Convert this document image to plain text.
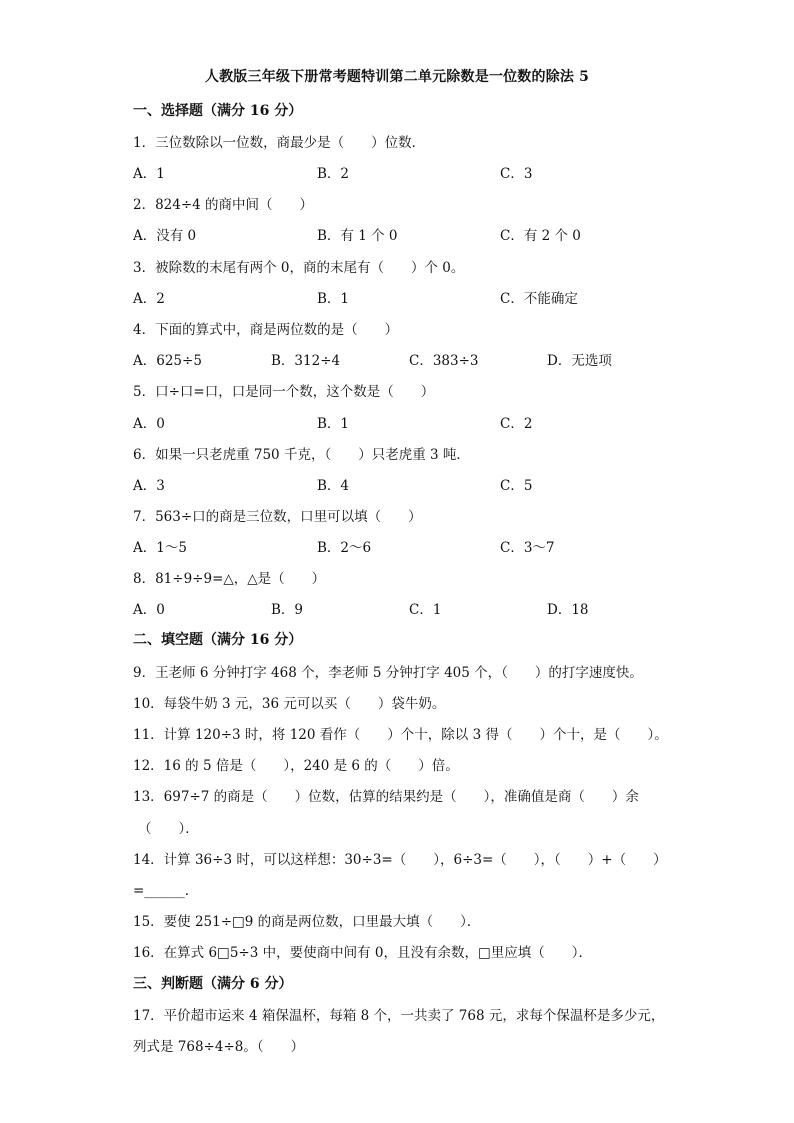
人教版三年级下册常考题特训第二单元除数是一位数的除法 5
一、选择题（满分 16 分）
1．三位数除以一位数，商最少是（　　）位数．
A．1	B．2	C．3
2．824÷4 的商中间（　　）
A．没有 0	B．有 1 个 0	C．有 2 个 0
3．被除数的末尾有两个 0，商的末尾有（　　）个 0。
A．2	B．1	C．不能确定
4．下面的算式中，商是两位数的是（　　）
A．625÷5	B．312÷4	C．383÷3	D．无选项
5．口÷口=口，口是同一个数，这个数是（　　）
A．0	B．1	C．2
6．如果一只老虎重 750 千克，（　　）只老虎重 3 吨．
A．3	B．4	C．5
7．563÷口的商是三位数，口里可以填（　　）
A．1～5	B．2～6	C．3～7
8．81÷9÷9=△，△是（　　）
A．0	B．9	C．1	D．18
二、填空题（满分 16 分）
9．王老师 6 分钟打字 468 个，李老师 5 分钟打字 405 个，（　　）的打字速度快。
10．每袋牛奶 3 元，36 元可以买（　　）袋牛奶。
11．计算 120÷3 时，将 120 看作（　　）个十，除以 3 得（　　）个十，是（　　）。
12．16 的 5 倍是（　　），240 是 6 的（　　）倍。
13．697÷7 的商是（　　）位数，估算的结果约是（　　），准确值是商（　　）余
（　　）．
14．计算 36÷3 时，可以这样想：30÷3=（　　），6÷3=（　　），（　　）+（　　）
=______．
15．要使 251÷□9 的商是两位数，口里最大填（　　）．
16．在算式 6□5÷3 中，要使商中间有 0，且没有余数，□里应填（　　）．
三、判断题（满分 6 分）
17．平价超市运来 4 箱保温杯，每箱 8 个，一共卖了 768 元，求每个保温杯是多少元，
列式是 768÷4÷8。（　　）
